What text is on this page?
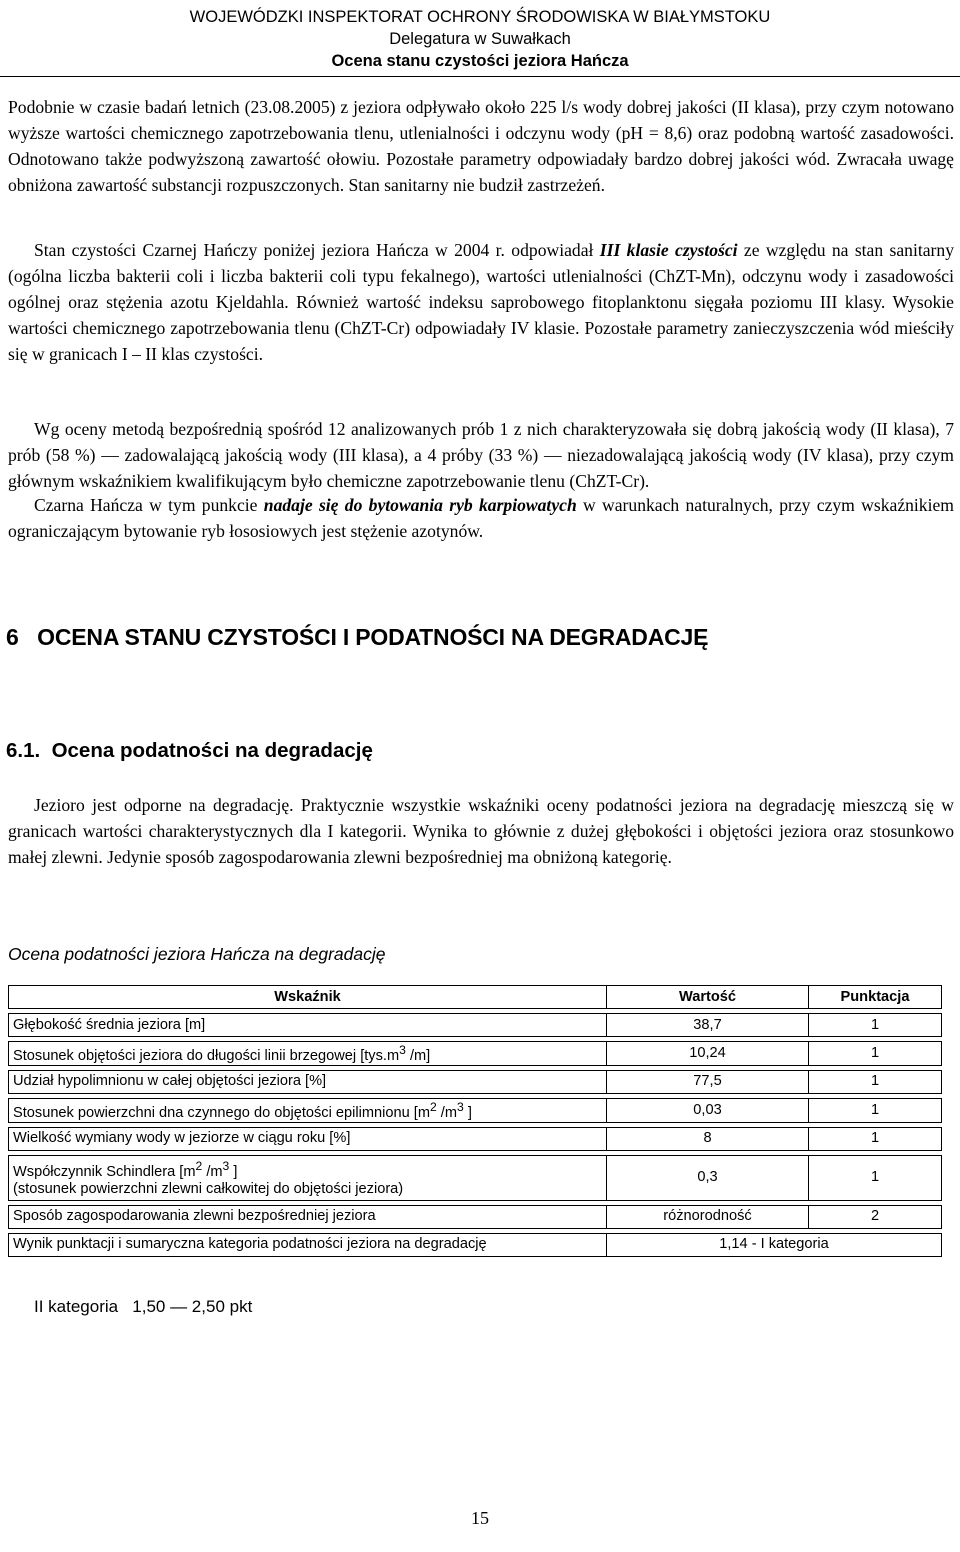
WOJEWÓDZKI INSPEKTORAT OCHRONY ŚRODOWISKA W BIAŁYMSTOKU
Delegatura w Suwałkach
Ocena stanu czystości jeziora Hańcza

Podobnie w czasie badań letnich (23.08.2005) z jeziora odpływało około 225 l/s wody dobrej jakości (II klasa), przy czym notowano wyższe wartości chemicznego zapotrzebowania tlenu, utlenialności i odczynu wody (pH = 8,6) oraz podobną wartość zasadowości. Odnotowano także podwyższoną zawartość ołowiu. Pozostałe parametry odpowiadały bardzo dobrej jakości wód. Zwracała uwagę obniżona zawartość substancji rozpuszczonych. Stan sanitarny nie budził zastrzeżeń.

Stan czystości Czarnej Hańczy poniżej jeziora Hańcza w 2004 r. odpowiadał III klasie czystości ze względu na stan sanitarny (ogólna liczba bakterii coli i liczba bakterii coli typu fekalnego), wartości utlenialności (ChZT-Mn), odczynu wody i zasadowości ogólnej oraz stężenia azotu Kjeldahla. Również wartość indeksu saprobowego fitoplanktonu sięgała poziomu III klasy. Wysokie wartości chemicznego zapotrzebowania tlenu (ChZT-Cr) odpowiadały IV klasie. Pozostałe parametry zanieczyszczenia wód mieściły się w granicach I – II klas czystości.

Wg oceny metodą bezpośrednią spośród 12 analizowanych prób 1 z nich charakteryzowała się dobrą jakością wody (II klasa), 7 prób (58 %) — zadowalającą jakością wody (III klasa), a 4 próby (33 %) — niezadowalającą jakością wody (IV klasa), przy czym głównym wskaźnikiem kwalifikującym było chemiczne zapotrzebowanie tlenu (ChZT-Cr).

Czarna Hańcza w tym punkcie nadaje się do bytowania ryb karpiowatych w warunkach naturalnych, przy czym wskaźnikiem ograniczającym bytowanie ryb łososiowych jest stężenie azotynów.

6   OCENA STANU CZYSTOŚCI I PODATNOŚCI NA DEGRADACJĘ
6.1.  Ocena podatności na degradację

Jezioro jest odporne na degradację. Praktycznie wszystkie wskaźniki oceny podatności jeziora na degradację mieszczą się w granicach wartości charakterystycznych dla I kategorii. Wynika to głównie z dużej głębokości i objętości jeziora oraz stosunkowo małej zlewni. Jedynie sposób zagospodarowania zlewni bezpośredniej ma obniżoną kategorię.

Ocena podatności jeziora Hańcza na degradację
Wskaźnik	Wartość	Punktacja
Głębokość średnia jeziora [m]	38,7	1
Stosunek objętości jeziora do długości linii brzegowej [$tys.m^3$ /m]	10,24	1
Udział hypolimnionu w całej objętości jeziora [%]	77,5	1
Stosunek powierzchni dna czynnego do objętości epilimnionu [$m^2$ $/m^3$ ]	0,03	1
Wielkość wymiany wody w jeziorze w ciągu roku [%]	8	1
Współczynnik Schindlera [$m^2$ $/m^3$ ]
(stosunek powierzchni zlewni całkowitej do objętości jeziora)	0,3	1
Sposób zagospodarowania zlewni bezpośredniej jeziora	różnorodność	2
Wynik punktacji i sumaryczna kategoria podatności jeziora na degradację	1,14 - I kategoria	
II kategoria   1,50 — 2,50 pkt
15
